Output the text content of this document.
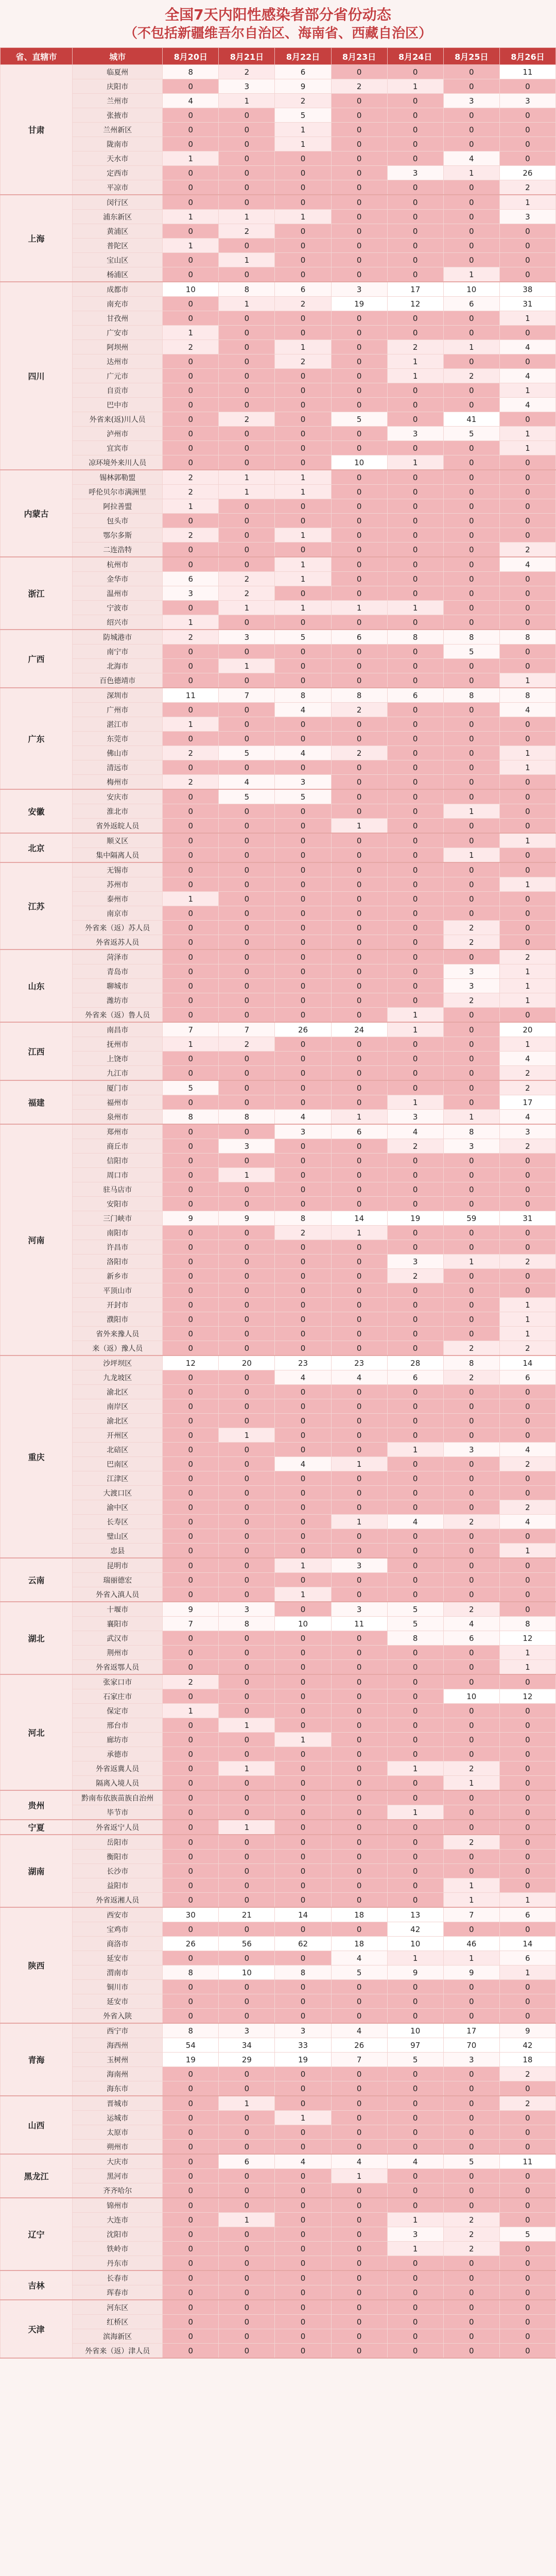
全国7天内阳性感染者部分省份动态
（不包括新疆维吾尔自治区、海南省、西藏自治区）
省、直辖市	城市	8月20日	8月21日	8月22日	8月23日	8月24日	8月25日	8月26日
甘肃	临夏州	8	2	6	0	0	0	11
	庆阳市	0	3	9	2	1	0	0
	兰州市	4	1	2	0	0	3	3
	张掖市	0	0	5	0	0	0	0
	兰州新区	0	0	1	0	0	0	0
	陇南市	0	0	1	0	0	0	0
	天水市	1	0	0	0	0	4	0
	定西市	0	0	0	0	3	1	26
	平凉市	0	0	0	0	0	0	2
上海	闵行区	0	0	0	0	0	0	1
	浦东新区	1	1	1	0	0	0	3
	黄浦区	0	2	0	0	0	0	0
	普陀区	1	0	0	0	0	0	0
	宝山区	0	1	0	0	0	0	0
	杨浦区	0	0	0	0	0	1	0
四川	成都市	10	8	6	3	17	10	38
	南充市	0	1	2	19	12	6	31
	甘孜州	0	0	0	0	0	0	1
	广安市	1	0	0	0	0	0	0
	阿坝州	2	0	1	0	2	1	4
	达州市	0	0	2	0	1	0	0
	广元市	0	0	0	0	1	2	4
	自贡市	0	0	0	0	0	0	1
	巴中市	0	0	0	0	0	0	4
	外省来(返)川人员	0	2	0	5	0	41	0
	泸州市	0	0	0	0	3	5	1
	宜宾市	0	0	0	0	0	0	1
	凉环境外来川人员	0	0	0	10	1	0	0
内蒙古	锡林郭勒盟	2	1	1	0	0	0	0
	呼伦贝尔市满洲里	2	1	1	0	0	0	0
	阿拉善盟	1	0	0	0	0	0	0
	包头市	0	0	0	0	0	0	0
	鄂尔多斯	2	0	1	0	0	0	0
	二连浩特	0	0	0	0	0	0	2
浙江	杭州市	0	0	1	0	0	0	4
	金华市	6	2	1	0	0	0	0
	温州市	3	2	0	0	0	0	0
	宁波市	0	1	1	1	1	0	0
	绍兴市	1	0	0	0	0	0	0
广西	防城港市	2	3	5	6	8	8	8
	南宁市	0	0	0	0	0	5	0
	北海市	0	1	0	0	0	0	0
	百色德靖市	0	0	0	0	0	0	1
广东	深圳市	11	7	8	8	6	8	8
	广州市	0	0	4	2	0	0	4
	湛江市	1	0	0	0	0	0	0
	东莞市	0	0	0	0	0	0	0
	佛山市	2	5	4	2	0	0	1
	清远市	0	0	0	0	0	0	1
	梅州市	2	4	3	0	0	0	0
安徽	安庆市	0	5	5	0	0	0	0
	淮北市	0	0	0	0	0	1	0
	省外返皖人员	0	0	0	1	0	0	0
北京	顺义区	0	0	0	0	0	0	1
	集中隔离人员	0	0	0	0	0	1	0
江苏	无锡市	0	0	0	0	0	0	0
	苏州市	0	0	0	0	0	0	1
	泰州市	1	0	0	0	0	0	0
	南京市	0	0	0	0	0	0	0
	外省来（返）苏人员	0	0	0	0	0	2	0
	外省返苏人员	0	0	0	0	0	2	0
山东	菏泽市	0	0	0	0	0	0	2
	青岛市	0	0	0	0	0	3	1
	聊城市	0	0	0	0	0	3	1
	潍坊市	0	0	0	0	0	2	1
	外省来（返）鲁人员	0	0	0	0	1	0	0
江西	南昌市	7	7	26	24	1	0	20
	抚州市	1	2	0	0	0	0	1
	上饶市	0	0	0	0	0	0	4
	九江市	0	0	0	0	0	0	2
福建	厦门市	5	0	0	0	0	0	2
	福州市	0	0	0	0	1	0	17
	泉州市	8	8	4	1	3	1	4
河南	郑州市	0	0	3	6	4	8	3
	商丘市	0	3	0	0	2	3	2
	信阳市	0	0	0	0	0	0	0
	周口市	0	1	0	0	0	0	0
	驻马店市	0	0	0	0	0	0	0
	安阳市	0	0	0	0	0	0	0
	三门峡市	9	9	8	14	19	59	31
	南阳市	0	0	2	1	0	0	0
	许昌市	0	0	0	0	0	0	0
	洛阳市	0	0	0	0	3	1	2
	新乡市	0	0	0	0	2	0	0
	平顶山市	0	0	0	0	0	0	0
	开封市	0	0	0	0	0	0	1
	濮阳市	0	0	0	0	0	0	1
	省外来豫人员	0	0	0	0	0	0	1
	来（返）豫人员	0	0	0	0	0	2	2
重庆	沙坪坝区	12	20	23	23	28	8	14
	九龙坡区	0	0	4	4	6	2	6
	渝北区	0	0	0	0	0	0	0
	南岸区	0	0	0	0	0	0	0
	渝北区	0	0	0	0	0	0	0
	开州区	0	1	0	0	0	0	0
	北碚区	0	0	0	0	1	3	4
	巴南区	0	0	4	1	0	0	2
	江津区	0	0	0	0	0	0	0
	大渡口区	0	0	0	0	0	0	0
	渝中区	0	0	0	0	0	0	2
	长寿区	0	0	0	1	4	2	4
	璧山区	0	0	0	0	0	0	0
	忠县	0	0	0	0	0	0	1
云南	昆明市	0	0	1	3	0	0	0
	瑞丽德宏	0	0	0	0	0	0	0
	外省入滇人员	0	0	1	0	0	0	0
湖北	十堰市	9	3	0	3	5	2	0
	襄阳市	7	8	10	11	5	4	8
	武汉市	0	0	0	0	8	6	12
	荆州市	0	0	0	0	0	0	1
	外省返鄂人员	0	0	0	0	0	0	1
河北	张家口市	2	0	0	0	0	0	0
	石家庄市	0	0	0	0	0	10	12
	保定市	1	0	0	0	0	0	0
	邢台市	0	1	0	0	0	0	0
	廊坊市	0	0	1	0	0	0	0
	承德市	0	0	0	0	0	0	0
	外省返冀人员	0	1	0	0	1	2	0
	隔离入境人员	0	0	0	0	0	1	0
贵州	黔南布依族苗族自治州	0	0	0	0	0	0	0
	毕节市	0	0	0	0	1	0	0
宁夏	外省返宁人员	0	1	0	0	0	0	0
湖南	岳阳市	0	0	0	0	0	2	0
	衡阳市	0	0	0	0	0	0	0
	长沙市	0	0	0	0	0	0	0
	益阳市	0	0	0	0	0	1	0
	外省返湘人员	0	0	0	0	0	1	1
陕西	西安市	30	21	14	18	13	7	6
	宝鸡市	0	0	0	0	42	0	0
	商洛市	26	56	62	18	10	46	14
	延安市	0	0	0	4	1	1	6
	渭南市	8	10	8	5	9	9	1
	铜川市	0	0	0	0	0	0	0
	延安市	0	0	0	0	0	0	0
	外省入陕	0	0	0	0	0	0	0
青海	西宁市	8	3	3	4	10	17	9
	海西州	54	34	33	26	97	70	42
	玉树州	19	29	19	7	5	3	18
	海南州	0	0	0	0	0	0	2
	海东市	0	0	0	0	0	0	0
山西	晋城市	0	1	0	0	0	0	2
	运城市	0	0	1	0	0	0	0
	太原市	0	0	0	0	0	0	0
	朔州市	0	0	0	0	0	0	0
黑龙江	大庆市	0	6	4	4	4	5	11
	黑河市	0	0	0	1	0	0	0
	齐齐哈尔	0	0	0	0	0	0	0
辽宁	锦州市	0	0	0	0	0	0	0
	大连市	0	1	0	0	1	2	0
	沈阳市	0	0	0	0	3	2	5
	铁岭市	0	0	0	0	1	2	0
	丹东市	0	0	0	0	0	0	0
吉林	长春市	0	0	0	0	0	0	0
	珲春市	0	0	0	0	0	0	0
天津	河东区	0	0	0	0	0	0	0
	红桥区	0	0	0	0	0	0	0
	滨海新区	0	0	0	0	0	0	0
	外省来（返）津人员	0	0	0	0	0	0	0
